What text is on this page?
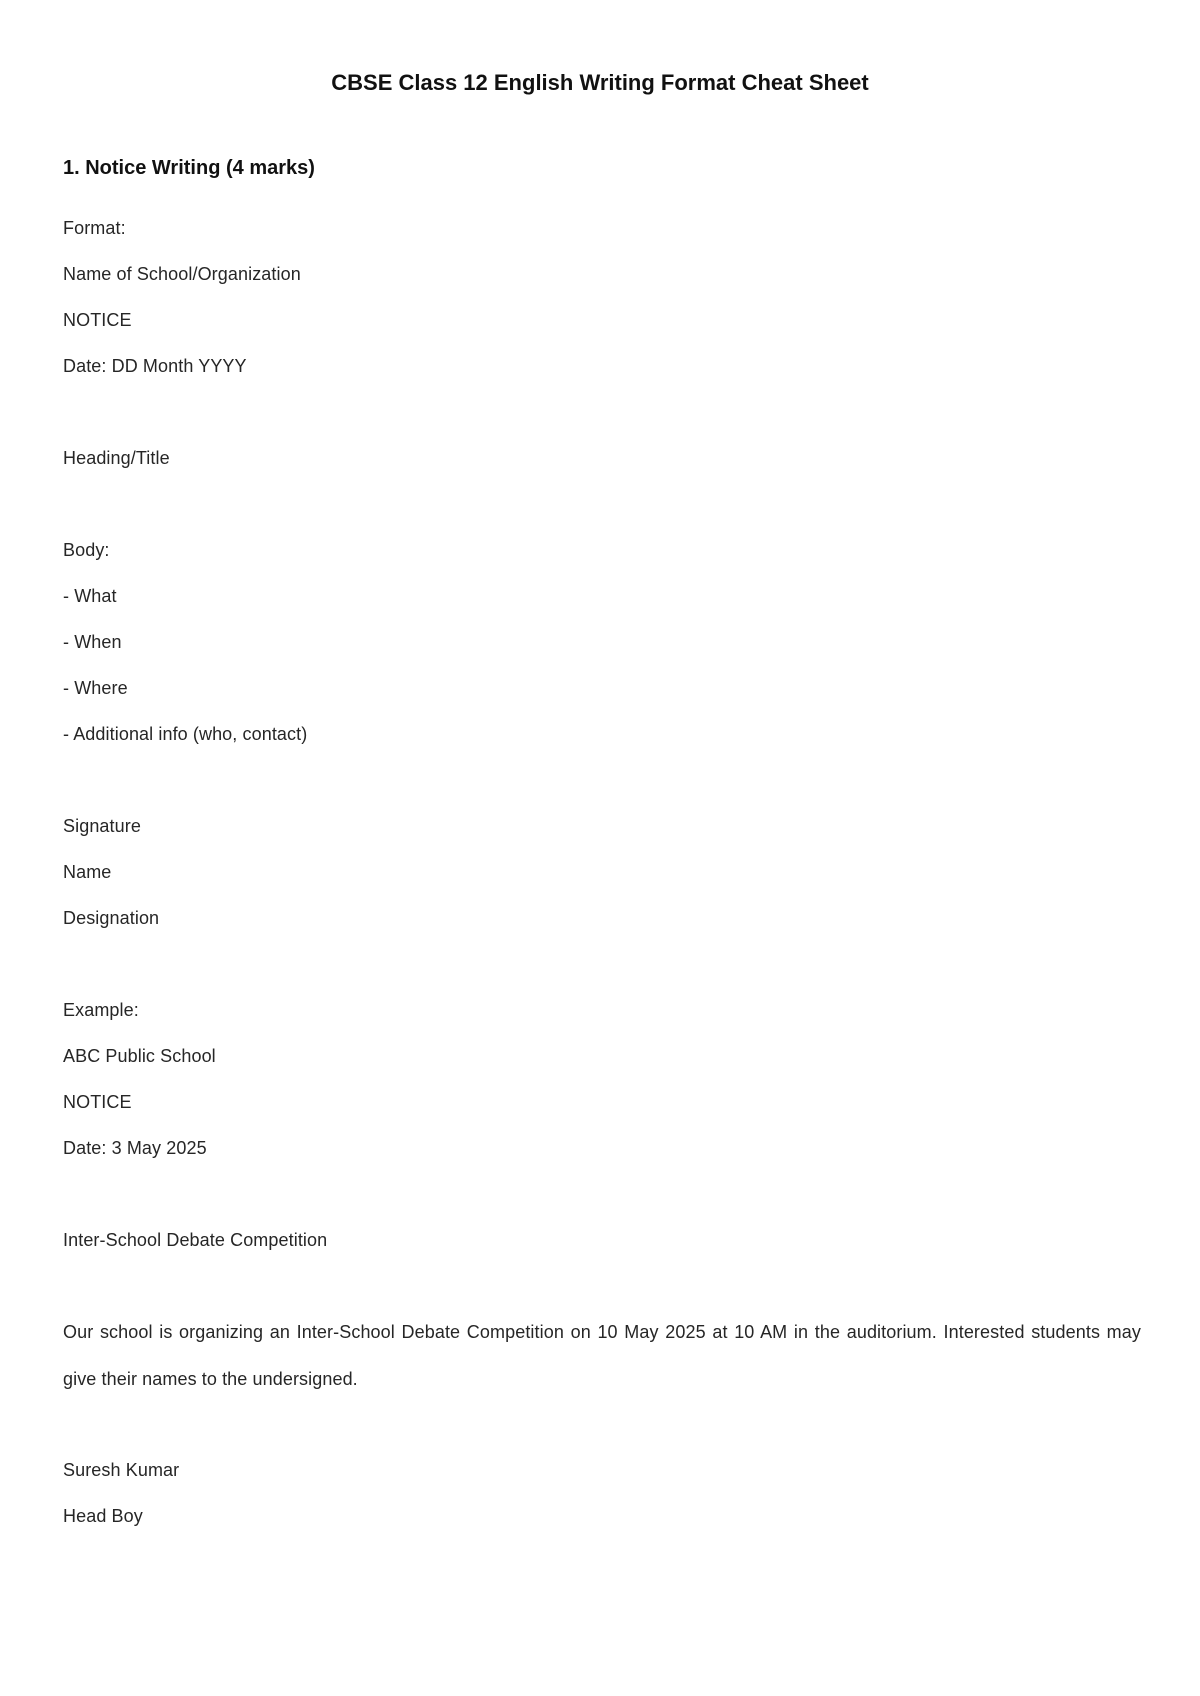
CBSE Class 12 English Writing Format Cheat Sheet
1. Notice Writing (4 marks)
Format:
Name of School/Organization
NOTICE
Date: DD Month YYYY
Heading/Title
Body:
- What
- When
- Where
- Additional info (who, contact)
Signature
Name
Designation
Example:
ABC Public School
NOTICE
Date: 3 May 2025
Inter-School Debate Competition
Our school is organizing an Inter-School Debate Competition on 10 May 2025 at 10 AM in the auditorium. Interested students may give their names to the undersigned.
Suresh Kumar
Head Boy
